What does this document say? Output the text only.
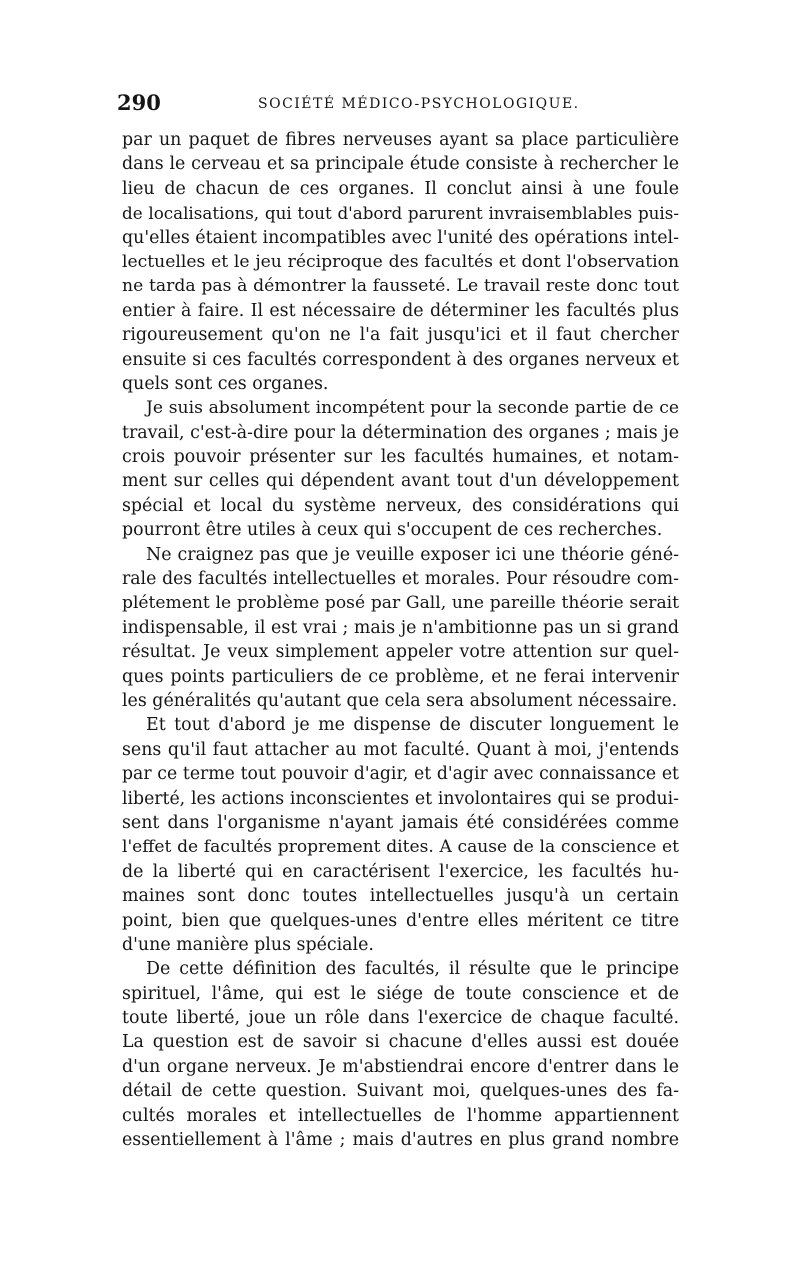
290	SOCIÉTÉ MÉDICO-PSYCHOLOGIQUE.
par un paquet de fibres nerveuses ayant sa place particulière
dans le cerveau et sa principale étude consiste à rechercher le
lieu de chacun de ces organes. Il conclut ainsi à une foule
de localisations, qui tout d'abord parurent invraisemblables puis-
qu'elles étaient incompatibles avec l'unité des opérations intel-
lectuelles et le jeu réciproque des facultés et dont l'observation
ne tarda pas à démontrer la fausseté. Le travail reste donc tout
entier à faire. Il est nécessaire de déterminer les facultés plus
rigoureusement qu'on ne l'a fait jusqu'ici et il faut chercher
ensuite si ces facultés correspondent à des organes nerveux et
quels sont ces organes.
Je suis absolument incompétent pour la seconde partie de ce
travail, c'est-à-dire pour la détermination des organes ; mais je
crois pouvoir présenter sur les facultés humaines, et notam-
ment sur celles qui dépendent avant tout d'un développement
spécial et local du système nerveux, des considérations qui
pourront être utiles à ceux qui s'occupent de ces recherches.
Ne craignez pas que je veuille exposer ici une théorie géné-
rale des facultés intellectuelles et morales. Pour résoudre com-
plétement le problème posé par Gall, une pareille théorie serait
indispensable, il est vrai ; mais je n'ambitionne pas un si grand
résultat. Je veux simplement appeler votre attention sur quel-
ques points particuliers de ce problème, et ne ferai intervenir
les généralités qu'autant que cela sera absolument nécessaire.
Et tout d'abord je me dispense de discuter longuement le
sens qu'il faut attacher au mot faculté. Quant à moi, j'entends
par ce terme tout pouvoir d'agir, et d'agir avec connaissance et
liberté, les actions inconscientes et involontaires qui se produi-
sent dans l'organisme n'ayant jamais été considérées comme
l'effet de facultés proprement dites. A cause de la conscience et
de la liberté qui en caractérisent l'exercice, les facultés hu-
maines sont donc toutes intellectuelles jusqu'à un certain
point, bien que quelques-unes d'entre elles méritent ce titre
d'une manière plus spéciale.
De cette définition des facultés, il résulte que le principe
spirituel, l'âme, qui est le siége de toute conscience et de
toute liberté, joue un rôle dans l'exercice de chaque faculté.
La question est de savoir si chacune d'elles aussi est douée
d'un organe nerveux. Je m'abstiendrai encore d'entrer dans le
détail de cette question. Suivant moi, quelques-unes des fa-
cultés morales et intellectuelles de l'homme appartiennent
essentiellement à l'âme ; mais d'autres en plus grand nombre
